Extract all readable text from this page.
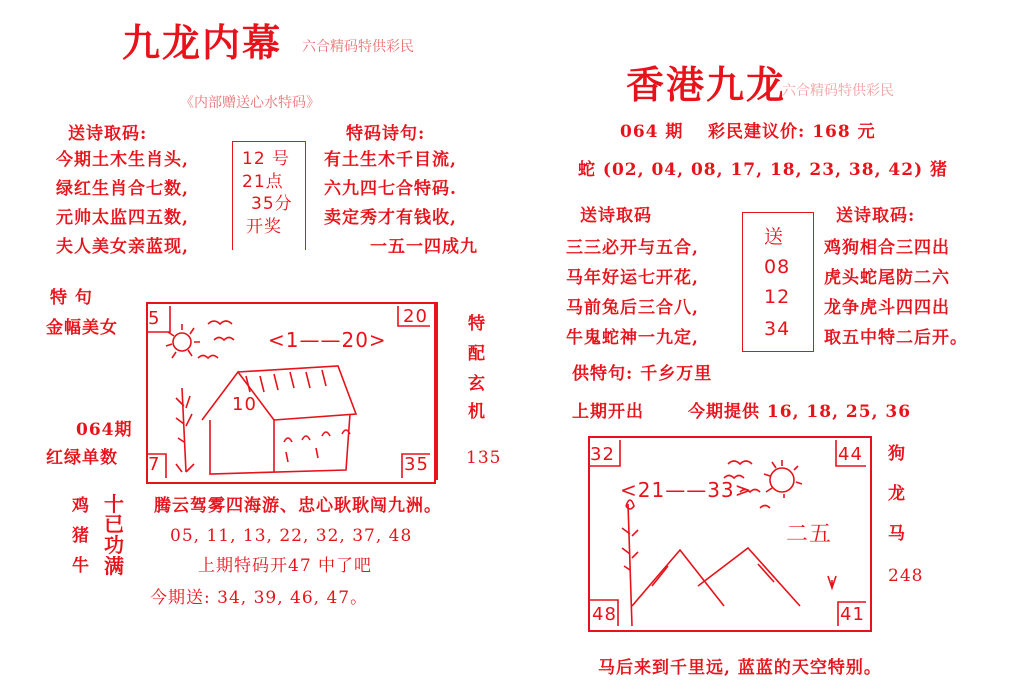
九龙内幕 六合精码特供彩民
《内部赠送心水特码》
送诗取码:	特码诗句:
今期土木生肖头,
绿红生肖合七数,
元帅太监四五数,
夫人美女亲蓝现,
12 号
21点
35分
开奖
有土生木千目流,
六九四七合特码.
卖定秀才有钱收,
一五一四成九
特 句
金幅美女
064期
红绿单数
5	20
7	35
<1——20>
10
特
配
玄
机
135
鸡
猪
牛
十
已
功
满
腾云驾雾四海游、忠心耿耿闯九洲。
05, 11, 13, 22, 32, 37, 48
上期特码开47 中了吧
今期送: 34, 39, 46, 47。
香港九龙
六合精码特供彩民
064 期 彩民建议价: 168 元
蛇 (02, 04, 08, 17, 18, 23, 38, 42) 猪
送诗取码	送诗取码:
三三必开与五合,
马年好运七开花,
马前兔后三合八,
牛鬼蛇神一九定,
送
08
12
34
鸡狗相合三四出
虎头蛇尾防二六
龙争虎斗四四出
取五中特二后开。
供特句: 千乡万里
上期开出	今期提供 16, 18, 25, 36
32	44
48	41
<21——33>
二五
狗
龙
马
248
马后来到千里远, 蓝蓝的天空特别。
